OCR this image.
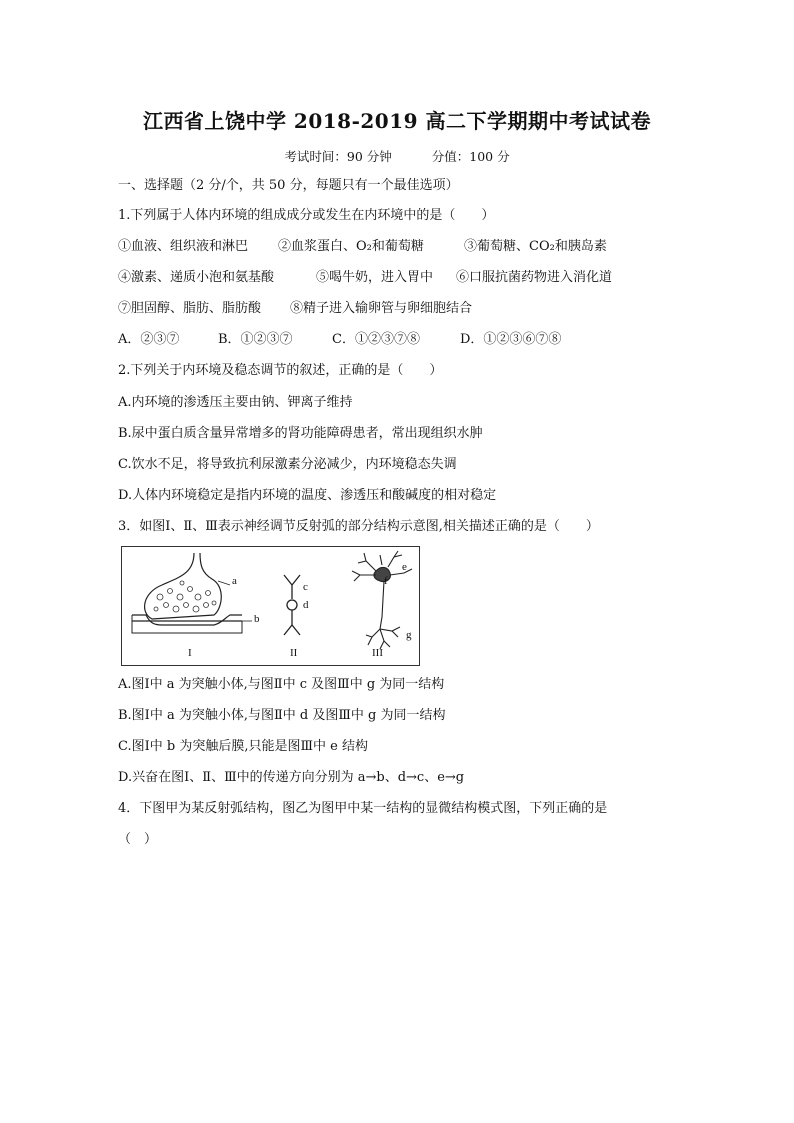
江西省上饶中学 2018-2019 高二下学期期中考试试卷
考试时间：90 分钟	分值：100 分
一、选择题（2 分/个，共 50 分，每题只有一个最佳选项）
1.下列属于人体内环境的组成成分或发生在内环境中的是（　　）
①血液、组织液和淋巴 ②血浆蛋白、O₂和葡萄糖	③葡萄糖、CO₂和胰岛素
④激素、递质小泡和氨基酸	⑤喝牛奶，进入胃中 ⑥口服抗菌药物进入消化道
⑦胆固醇、脂肪、脂肪酸 ⑧精子进入输卵管与卵细胞结合
A．②③⑦	B．①②③⑦	C．①②③⑦⑧	D．①②③⑥⑦⑧
2.下列关于内环境及稳态调节的叙述，正确的是（　　）
A.内环境的渗透压主要由钠、钾离子维持
B.尿中蛋白质含量异常增多的肾功能障碍患者，常出现组织水肿
C.饮水不足，将导致抗利尿激素分泌减少，内环境稳态失调
D.人体内环境稳定是指内环境的温度、渗透压和酸碱度的相对稳定
3．如图Ⅰ、Ⅱ、Ⅲ表示神经调节反射弧的部分结构示意图,相关描述正确的是（　　）
a
b
c
d
e
f
g
I	II	III
A.图Ⅰ中 a 为突触小体,与图Ⅱ中 c 及图Ⅲ中 g 为同一结构
B.图Ⅰ中 a 为突触小体,与图Ⅱ中 d 及图Ⅲ中 g 为同一结构
C.图Ⅰ中 b 为突触后膜,只能是图Ⅲ中 e 结构
D.兴奋在图Ⅰ、Ⅱ、Ⅲ中的传递方向分别为 a→b、d→c、e→g
4．下图甲为某反射弧结构，图乙为图甲中某一结构的显微结构模式图，下列正确的是
（　）
